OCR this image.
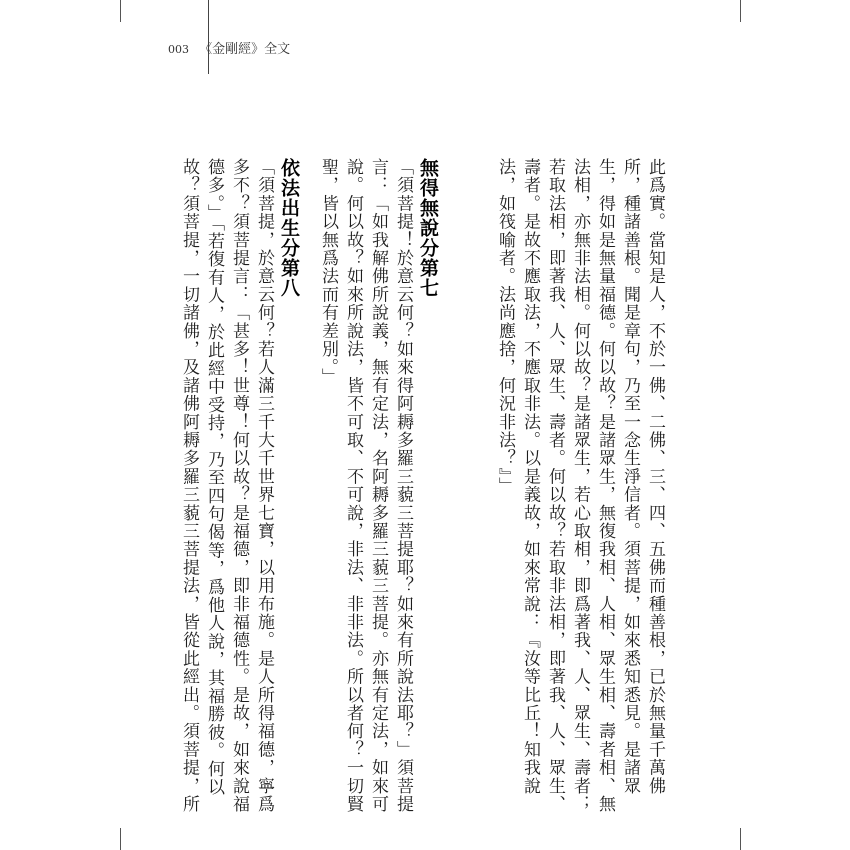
003 《金剛經》全文
依法出生分第八
「須菩提，於意云何？若人滿三千大千世界七寶，以用布施。是人所得福德，寧爲
多不？須菩提言：「甚多！世尊！何以故？是福德，即非福德性。是故，如來說福
德多。」「若復有人，於此經中受持，乃至四句偈等，爲他人說，其福勝彼。何以
故？須菩提，一切諸佛，及諸佛阿耨多羅三藐三菩提法，皆從此經出。須菩提，所	無得無說分第七
「須菩提！於意云何？如來得阿耨多羅三藐三菩提耶？如來有所說法耶？」須菩提
言：「如我解佛所說義，無有定法，名阿耨多羅三藐三菩提。亦無有定法，如來可
說。何以故？如來所說法，皆不可取、不可說，非法、非非法。所以者何？一切賢
聖，皆以無爲法而有差別。」	此爲實。當知是人，不於一佛、二佛、三、四、五佛而種善根，已於無量千萬佛
所，種諸善根。聞是章句，乃至一念生淨信者。須菩提，如來悉知悉見。是諸眾
生，得如是無量福德。何以故？是諸眾生，無復我相、人相、眾生相、壽者相、無
法相，亦無非法相。何以故？是諸眾生，若心取相，即爲著我、人、眾生、壽者；
若取法相，即著我、人、眾生、壽者。何以故？若取非法相，即著我、人、眾生、
壽者。是故不應取法，不應取非法。以是義故，如來常說：『汝等比丘！知我說
法，如筏喻者。法尚應捨，何況非法？』」
